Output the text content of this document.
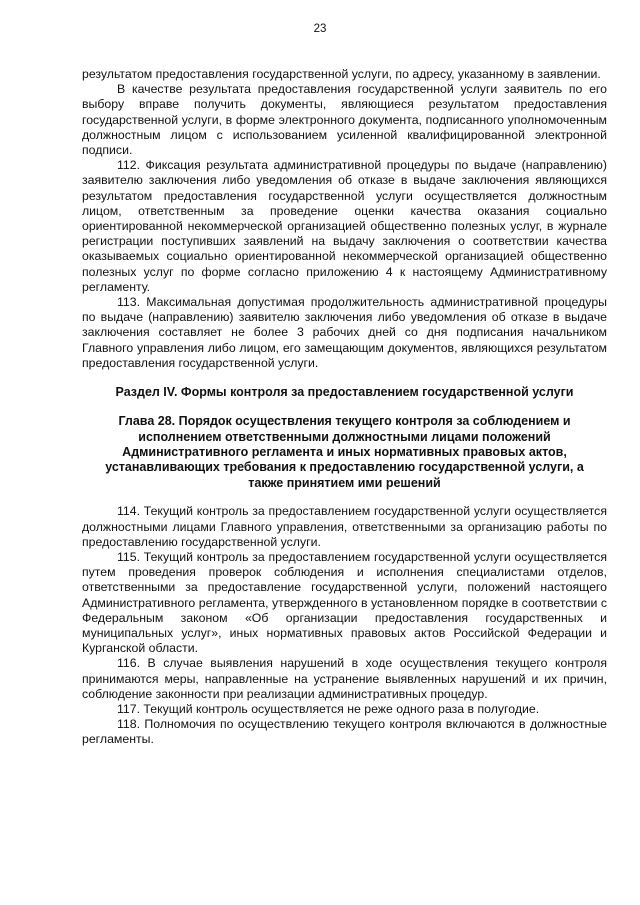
23

результатом предоставления государственной услуги, по адресу, указанному в заявлении.

В качестве результата предоставления государственной услуги заявитель по его выбору вправе получить документы, являющиеся результатом предоставления государственной услуги, в форме электронного документа, подписанного уполномоченным должностным лицом с использованием усиленной квалифицированной электронной подписи.

112. Фиксация результата административной процедуры по выдаче (направлению) заявителю заключения либо уведомления об отказе в выдаче заключения являющихся результатом предоставления государственной услуги осуществляется должностным лицом, ответственным за проведение оценки качества оказания социально ориентированной некоммерческой организацией общественно полезных услуг, в журнале регистрации поступивших заявлений на выдачу заключения о соответствии качества оказываемых социально ориентированной некоммерческой организацией общественно полезных услуг по форме согласно приложению 4 к настоящему Административному регламенту.

113. Максимальная допустимая продолжительность административной процедуры по выдаче (направлению) заявителю заключения либо уведомления об отказе в выдаче заключения составляет не более 3 рабочих дней со дня подписания начальником Главного управления либо лицом, его замещающим документов, являющихся результатом предоставления государственной услуги.

Раздел IV. Формы контроля за предоставлением государственной услуги
Глава 28. Порядок осуществления текущего контроля за соблюдением и исполнением ответственными должностными лицами положений Административного регламента и иных нормативных правовых актов, устанавливающих требования к предоставлению государственной услуги, а также принятием ими решений

114. Текущий контроль за предоставлением государственной услуги осуществляется должностными лицами Главного управления, ответственными за организацию работы по предоставлению государственной услуги.

115. Текущий контроль за предоставлением государственной услуги осуществляется путем проведения проверок соблюдения и исполнения специалистами отделов, ответственными за предоставление государственной услуги, положений настоящего Административного регламента, утвержденного в установленном порядке в соответствии с Федеральным законом «Об организации предоставления государственных и муниципальных услуг», иных нормативных правовых актов Российской Федерации и Курганской области.

116. В случае выявления нарушений в ходе осуществления текущего контроля принимаются меры, направленные на устранение выявленных нарушений и их причин, соблюдение законности при реализации административных процедур.

117. Текущий контроль осуществляется не реже одного раза в полугодие.

118. Полномочия по осуществлению текущего контроля включаются в должностные регламенты.
